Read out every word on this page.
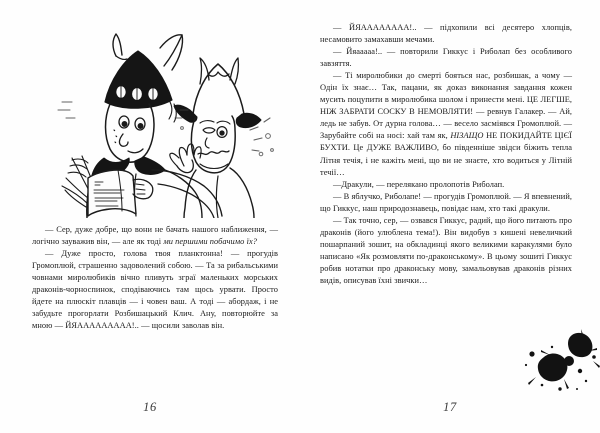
— Сер, дуже добре, що вони не бачать нашого наближення, — логічно зауважив він, — але як тоді ми першими побачимо їх?

— Дуже просто, голова твоя планктонна! — прогудів Громоплюй, страшенно задоволений собою. — Та за рибальськими човнами миролюбиків вічно пливуть зграї маленьких морських драконів-чорноспинок, сподіваючись там щось урвати. Просто йдете на плюскіт плавців — і човен ваш. А тоді — абордаж, і не забудьте прогорлати Розбишацький Клич. Ану, повторюйте за мною — ЙЯААААААААА!.. — щосили заволав він.

16

— ЙЯАААААААА!.. — підхопили всі десятеро хлопців, несамовито замахавши мечами.

— Йяааааа!.. — повторили Гиккус і Риболап без особливого завзяття.

— Ті миролюбики до смерті бояться нас, розбишак, а чому — Одін їх знає… Так, пацани, як доказ виконання завдання кожен мусить поцупити в миролюбика шолом і принести мені. ЦЕ ЛЕГШЕ, НІЖ ЗАБРАТИ СОСКУ В НЕМОВЛЯТИ! — ревнув Галакер. — Ай, ледь не забув. От дурна голова… — весело засміявся Громоплюй. — Зарубайте собі на носі: хай там як, НІЗАЩО НЕ ПОКИДАЙТЕ ЦІЄЇ БУХТИ. Це ДУЖЕ ВАЖЛИВО, бо південніше звідси біжить тепла Літня течія, і не кажіть мені, що ви не знаєте, хто водиться у Літній течії…

—Дракули, — перелякано пролопотів Риболап.

— В яблучко, Риболапе! — прогудів Громоплюй. — Я впевнений, що Гиккус, наш природознавець, повідає нам, хто такі дракули.

— Так точно, сер, — озвався Гиккус, радий, що його питають про драконів (його улюблена тема!). Він видобув з кишені невеличкий пошарпаний зошит, на обкладинці якого великими каракулями було написано «Як розмовляти по-драконському». В цьому зошиті Гиккус робив нотатки про драконську мову, замальовував драконів різних видів, описував їхні звички…

17
